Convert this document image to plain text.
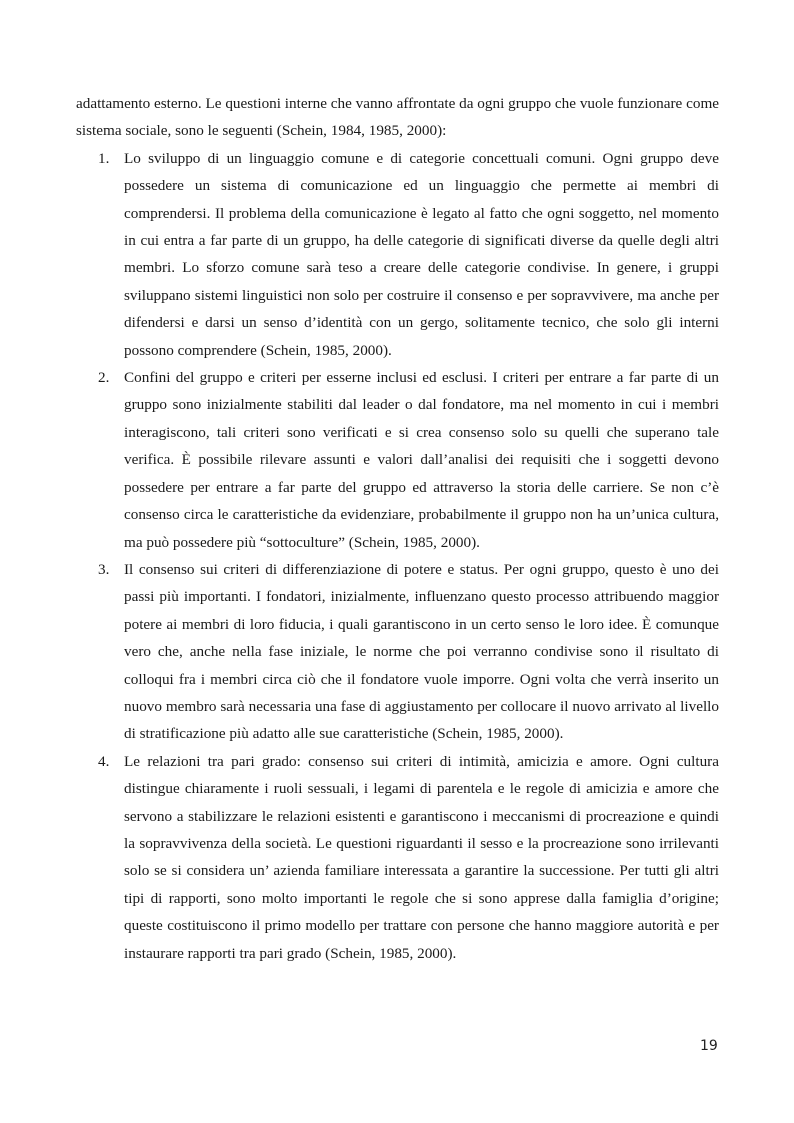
adattamento esterno. Le questioni interne che vanno affrontate da ogni gruppo che vuole funzionare come sistema sociale, sono le seguenti (Schein, 1984, 1985, 2000):

1. Lo sviluppo di un linguaggio comune e di categorie concettuali comuni. Ogni gruppo deve possedere un sistema di comunicazione ed un linguaggio che permette ai membri di comprendersi. Il problema della comunicazione è legato al fatto che ogni soggetto, nel momento in cui entra a far parte di un gruppo, ha delle categorie di significati diverse da quelle degli altri membri. Lo sforzo comune sarà teso a creare delle categorie condivise. In genere, i gruppi sviluppano sistemi linguistici non solo per costruire il consenso e per sopravvivere, ma anche per difendersi e darsi un senso d’identità con un gergo, solitamente tecnico, che solo gli interni possono comprendere (Schein, 1985, 2000).
2. Confini del gruppo e criteri per esserne inclusi ed esclusi. I criteri per entrare a far parte di un gruppo sono inizialmente stabiliti dal leader o dal fondatore, ma nel momento in cui i membri interagiscono, tali criteri sono verificati e si crea consenso solo su quelli che superano tale verifica. È possibile rilevare assunti e valori dall’analisi dei requisiti che i soggetti devono possedere per entrare a far parte del gruppo ed attraverso la storia delle carriere. Se non c’è consenso circa le caratteristiche da evidenziare, probabilmente il gruppo non ha un’unica cultura, ma può possedere più “sottoculture” (Schein, 1985, 2000).
3. Il consenso sui criteri di differenziazione di potere e status. Per ogni gruppo, questo è uno dei passi più importanti. I fondatori, inizialmente, influenzano questo processo attribuendo maggior potere ai membri di loro fiducia, i quali garantiscono in un certo senso le loro idee. È comunque vero che, anche nella fase iniziale, le norme che poi verranno condivise sono il risultato di colloqui fra i membri circa ciò che il fondatore vuole imporre. Ogni volta che verrà inserito un nuovo membro sarà necessaria una fase di aggiustamento per collocare il nuovo arrivato al livello di stratificazione più adatto alle sue caratteristiche (Schein, 1985, 2000).
4. Le relazioni tra pari grado: consenso sui criteri di intimità, amicizia e amore. Ogni cultura distingue chiaramente i ruoli sessuali, i legami di parentela e le regole di amicizia e amore che servono a stabilizzare le relazioni esistenti e garantiscono i meccanismi di procreazione e quindi la sopravvivenza della società. Le questioni riguardanti il sesso e la procreazione sono irrilevanti solo se si considera un’ azienda familiare interessata a garantire la successione. Per tutti gli altri tipi di rapporti, sono molto importanti le regole che si sono apprese dalla famiglia d’origine; queste costituiscono il primo modello per trattare con persone che hanno maggiore autorità e per instaurare rapporti tra pari grado (Schein, 1985, 2000).
19
